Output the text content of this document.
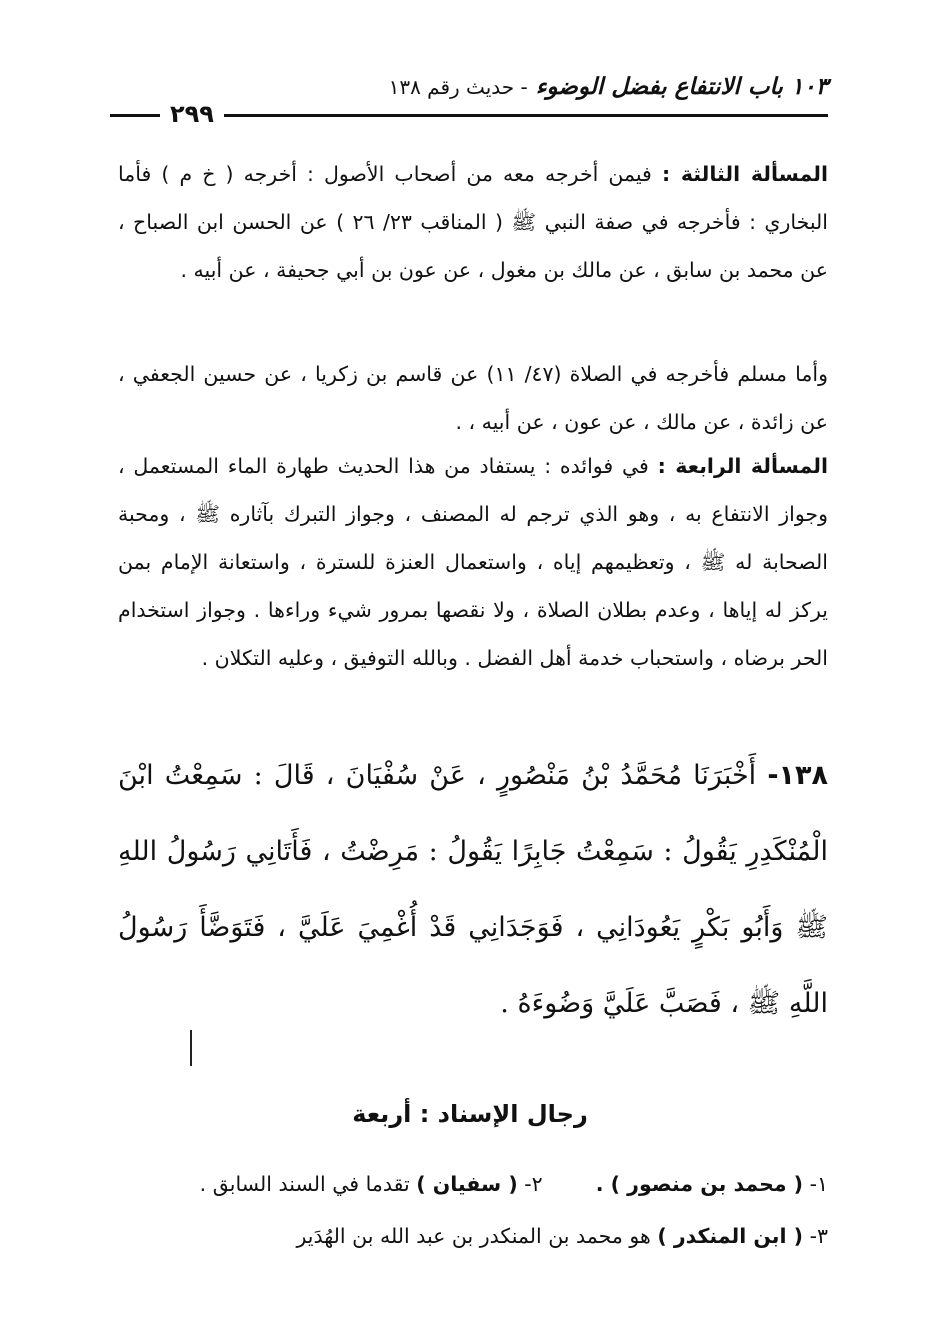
١٠٣ باب الانتفاع بفضل الوضوء - حديث رقم ١٣٨
٢٩٩
المسألة الثالثة : فيمن أخرجه معه من أصحاب الأصول : أخرجه ( خ م ) فأما البخاري : فأخرجه في صفة النبي ﷺ ( المناقب ٢٣/ ٢٦ ) عن الحسن ابن الصباح ، عن محمد بن سابق ، عن مالك بن مغول ، عن عون بن أبي جحيفة ، عن أبيه .
وأما مسلم فأخرجه في الصلاة (٤٧/ ١١) عن قاسم بن زكريا ، عن حسين الجعفي ، عن زائدة ، عن مالك ، عن عون ، عن أبيه ، .
المسألة الرابعة : في فوائده : يستفاد من هذا الحديث طهارة الماء المستعمل ، وجواز الانتفاع به ، وهو الذي ترجم له المصنف ، وجواز التبرك بآثاره ﷺ ، ومحبة الصحابة له ﷺ ، وتعظيمهم إياه ، واستعمال العنزة للسترة ، واستعانة الإمام بمن يركز له إياها ، وعدم بطلان الصلاة ، ولا نقصها بمرور شيء وراءها . وجواز استخدام الحر برضاه ، واستحباب خدمة أهل الفضل . وبالله التوفيق ، وعليه التكلان .
١٣٨- أَخْبَرَنَا مُحَمَّدُ بْنُ مَنْصُورٍ ، عَنْ سُفْيَانَ ، قَالَ : سَمِعْتُ ابْنَ الْمُنْكَدِرِ يَقُولُ : سَمِعْتُ جَابِرًا يَقُولُ : مَرِضْتُ ، فَأَتَانِي رَسُولُ اللهِ ﷺ وَأَبُو بَكْرٍ يَعُودَانِي ، فَوَجَدَانِي قَدْ أُغْمِيَ عَلَيَّ ، فَتَوَضَّأَ رَسُولُ اللَّهِ ﷺ ، فَصَبَّ عَلَيَّ وَضُوءَهُ .
رجال الإسناد : أربعة
١- ( محمد بن منصور ) .  ٢- ( سفيان ) تقدما في السند السابق .
٣- ( ابن المنكدر ) هو محمد بن المنكدر بن عبد الله بن الهُدَير
